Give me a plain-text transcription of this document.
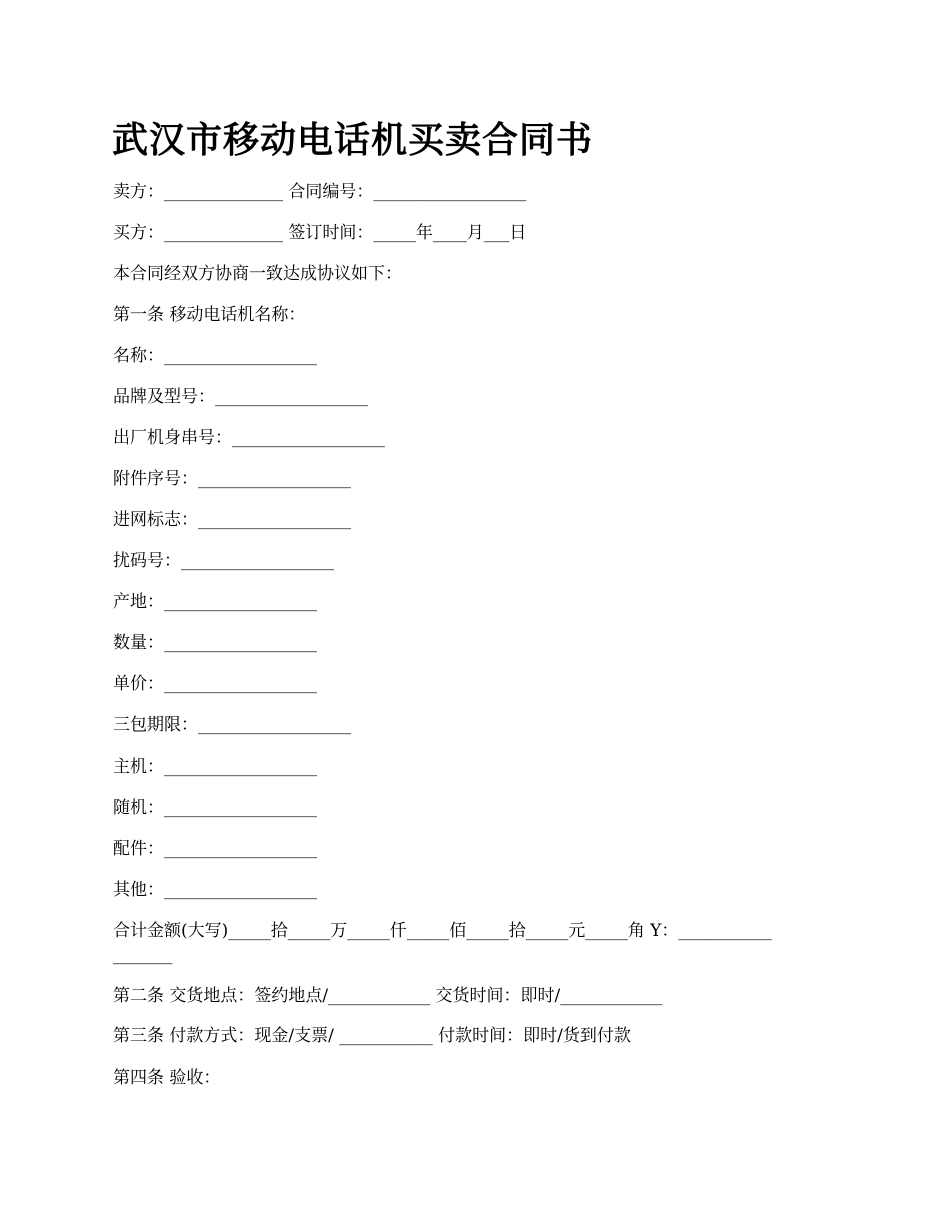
武汉市移动电话机买卖合同书
卖方：______________ 合同编号：__________________
买方：______________ 签订时间：_____年____月___日
本合同经双方协商一致达成协议如下：
第一条 移动电话机名称：
名称：__________________
品牌及型号：__________________
出厂机身串号：__________________
附件序号：__________________
进网标志：__________________
扰码号：__________________
产地：__________________
数量：__________________
单价：__________________
三包期限：__________________
主机：__________________
随机：__________________
配件：__________________
其他：__________________
合计金额(大写)_____拾_____万_____仟_____佰_____拾_____元_____角 Y：___________
_______
第二条 交货地点：签约地点/____________ 交货时间：即时/____________
第三条 付款方式：现金/支票/ ___________ 付款时间：即时/货到付款
第四条 验收：
